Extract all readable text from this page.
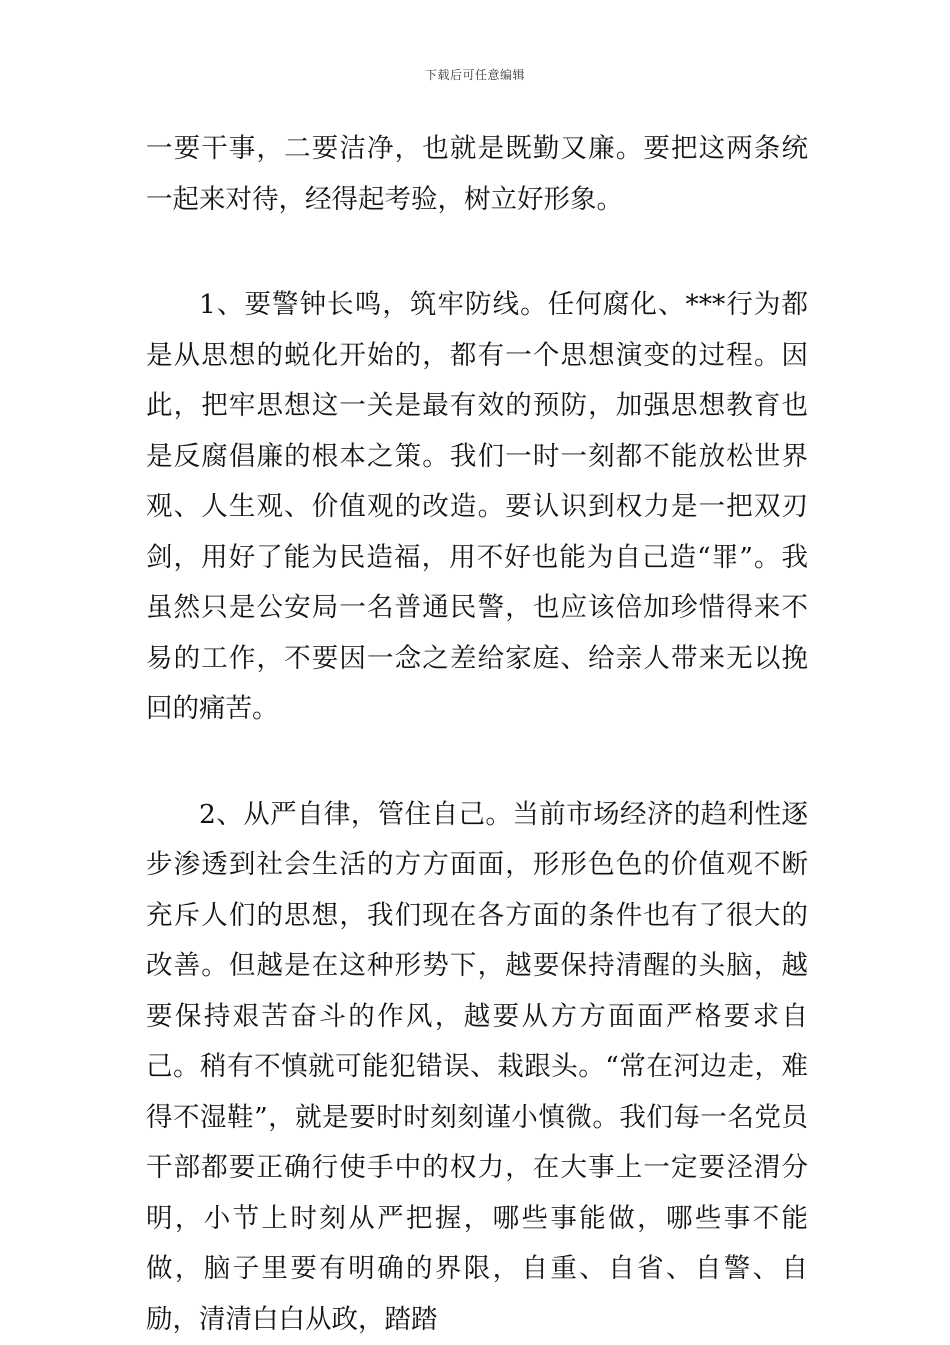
下载后可任意编辑

一要干事，二要洁净，也就是既勤又廉。要把这两条统一起来对待，经得起考验，树立好形象。

1、要警钟长鸣，筑牢防线。任何腐化、***行为都是从思想的蜕化开始的，都有一个思想演变的过程。因此，把牢思想这一关是最有效的预防，加强思想教育也是反腐倡廉的根本之策。我们一时一刻都不能放松世界观、人生观、价值观的改造。要认识到权力是一把双刃剑，用好了能为民造福，用不好也能为自己造“罪”。我虽然只是公安局一名普通民警，也应该倍加珍惜得来不易的工作，不要因一念之差给家庭、给亲人带来无以挽回的痛苦。

2、从严自律，管住自己。当前市场经济的趋利性逐步渗透到社会生活的方方面面，形形色色的价值观不断充斥人们的思想，我们现在各方面的条件也有了很大的改善。但越是在这种形势下，越要保持清醒的头脑，越要保持艰苦奋斗的作风，越要从方方面面严格要求自己。稍有不慎就可能犯错误、栽跟头。“常在河边走，难得不湿鞋”，就是要时时刻刻谨小慎微。我们每一名党员干部都要正确行使手中的权力，在大事上一定要泾渭分明，小节上时刻从严把握，哪些事能做，哪些事不能做，脑子里要有明确的界限，自重、自省、自警、自励，清清白白从政，踏踏
